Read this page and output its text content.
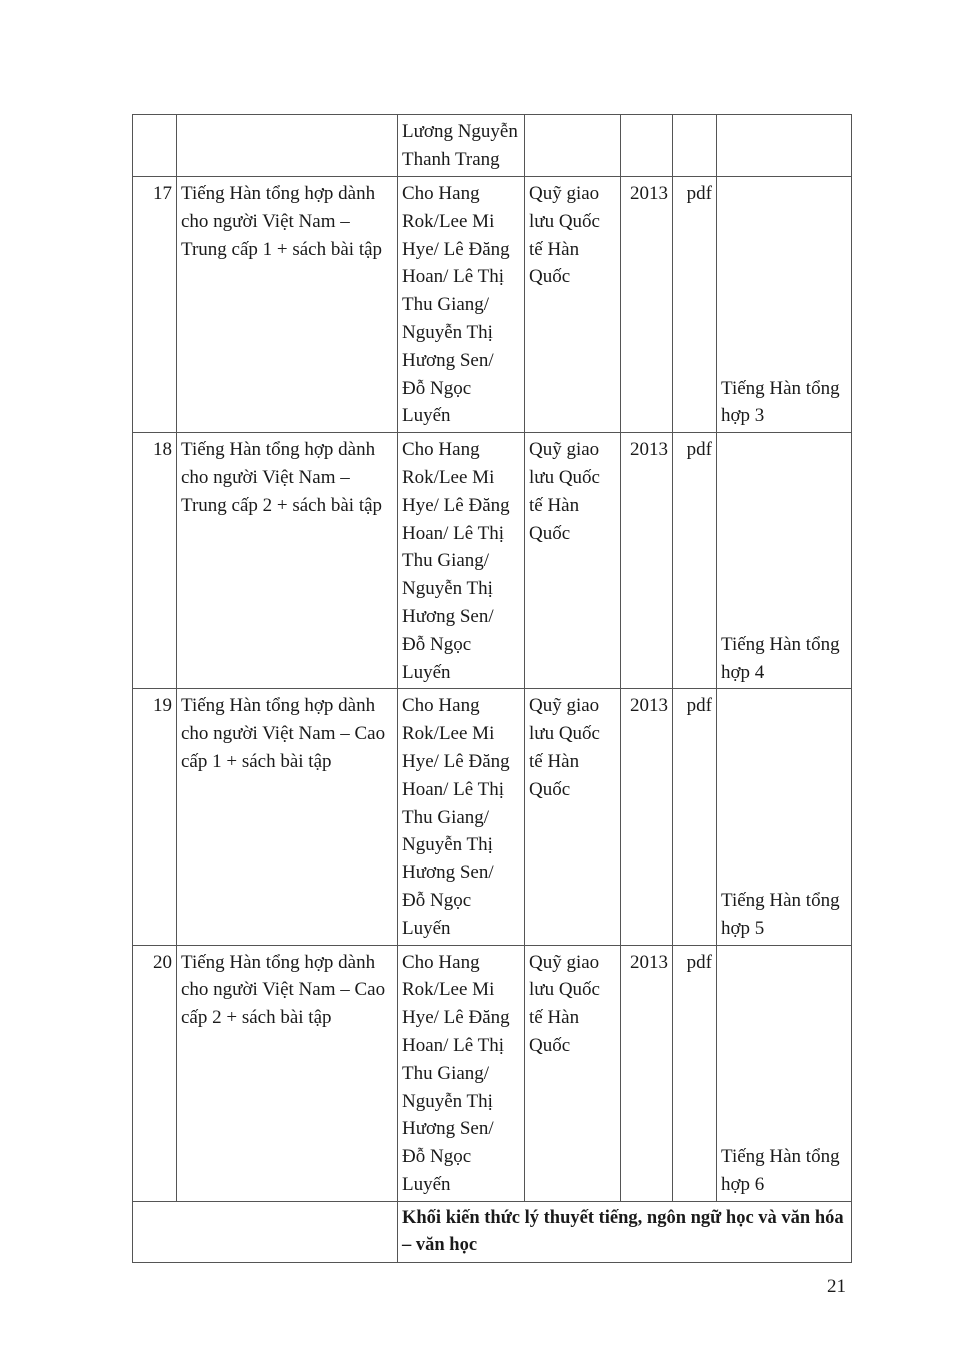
		Lương Nguyễn Thanh Trang				

17	Tiếng Hàn tổng hợp dành cho người Việt Nam – Trung cấp 1 + sách bài tập	Cho Hang Rok/Lee Mi Hye/ Lê Đăng Hoan/ Lê Thị Thu Giang/ Nguyễn Thị Hương Sen/ Đỗ Ngọc Luyến	Quỹ giao lưu Quốc tế Hàn Quốc	2013	pdf	Tiếng Hàn tổng hợp 3

18	Tiếng Hàn tổng hợp dành cho người Việt Nam – Trung cấp 2 + sách bài tập	Cho Hang Rok/Lee Mi Hye/ Lê Đăng Hoan/ Lê Thị Thu Giang/ Nguyễn Thị Hương Sen/ Đỗ Ngọc Luyến	Quỹ giao lưu Quốc tế Hàn Quốc	2013	pdf	Tiếng Hàn tổng hợp 4

19	Tiếng Hàn tổng hợp dành cho người Việt Nam – Cao cấp 1 + sách bài tập	Cho Hang Rok/Lee Mi Hye/ Lê Đăng Hoan/ Lê Thị Thu Giang/ Nguyễn Thị Hương Sen/ Đỗ Ngọc Luyến	Quỹ giao lưu Quốc tế Hàn Quốc	2013	pdf	Tiếng Hàn tổng hợp 5

20	Tiếng Hàn tổng hợp dành cho người Việt Nam – Cao cấp 2 + sách bài tập	Cho Hang Rok/Lee Mi Hye/ Lê Đăng Hoan/ Lê Thị Thu Giang/ Nguyễn Thị Hương Sen/ Đỗ Ngọc Luyến	Quỹ giao lưu Quốc tế Hàn Quốc	2013	pdf	Tiếng Hàn tổng hợp 6

		Khối kiến thức lý thuyết tiếng, ngôn ngữ học và văn hóa – văn học				
21
